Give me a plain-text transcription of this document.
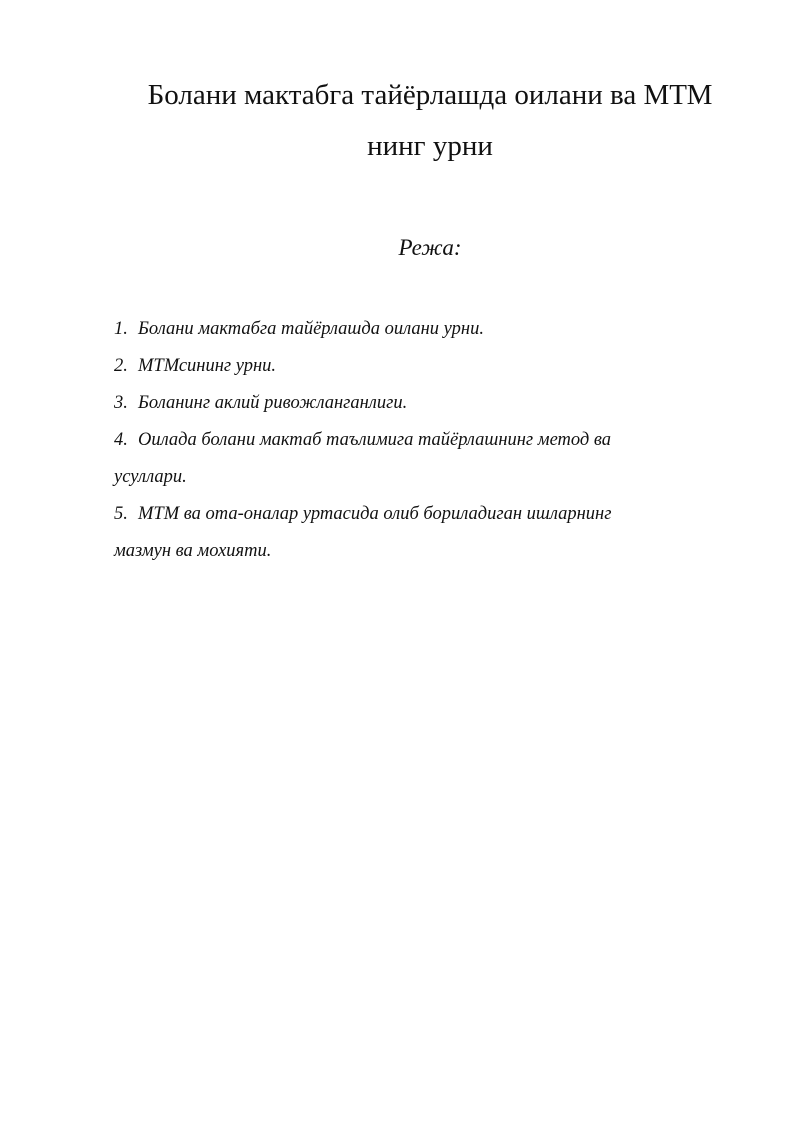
Болани мактабга тайёрлашда оилани ва МТМ
нинг урни

Режа:

1. Болани мактабга тайёрлашда оилани урни.
2. МТМсининг урни.
3. Боланинг аклий ривожланганлиги.
4. Оилада болани мактаб таълимига тайёрлашнинг метод ва
усуллари.
5. МТМ ва ота-оналар уртасида олиб бориладиган ишларнинг
мазмун ва мохияти.
